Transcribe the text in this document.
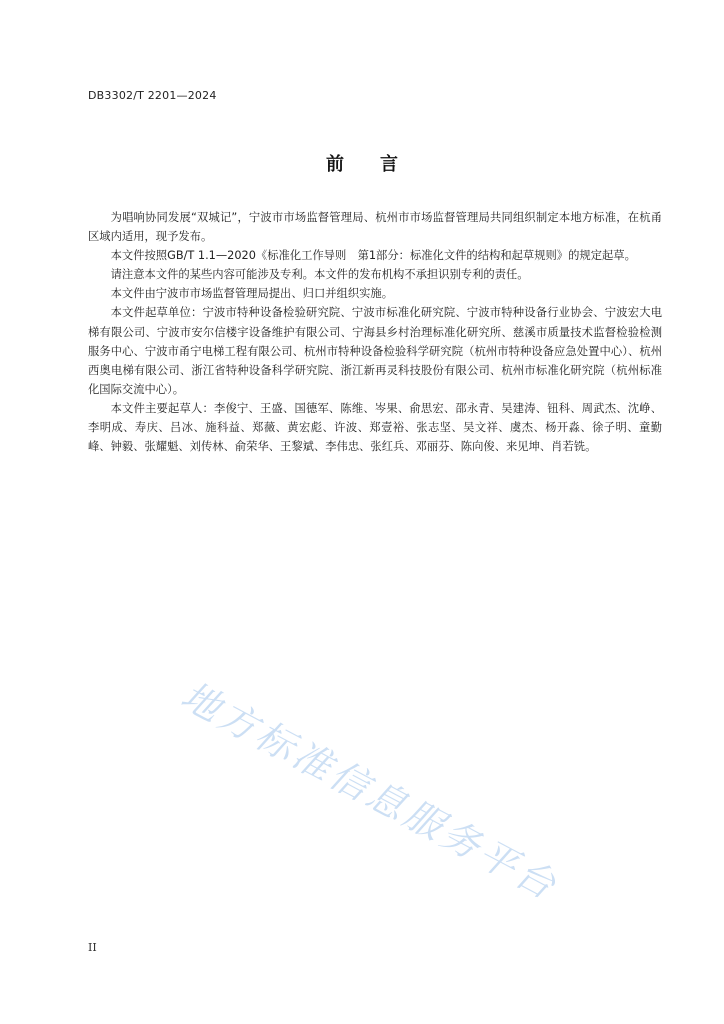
DB3302/T 2201—2024
前 言

为唱响协同发展“双城记”，宁波市市场监督管理局、杭州市市场监督管理局共同组织制定本地方标准，在杭甬区域内适用，现予发布。

本文件按照GB/T 1.1—2020《标准化工作导则　第1部分：标准化文件的结构和起草规则》的规定起草。

请注意本文件的某些内容可能涉及专利。本文件的发布机构不承担识别专利的责任。

本文件由宁波市市场监督管理局提出、归口并组织实施。

本文件起草单位：宁波市特种设备检验研究院、宁波市标准化研究院、宁波市特种设备行业协会、宁波宏大电梯有限公司、宁波市安尔信楼宇设备维护有限公司、宁海县乡村治理标准化研究所、慈溪市质量技术监督检验检测服务中心、宁波市甬宁电梯工程有限公司、杭州市特种设备检验科学研究院（杭州市特种设备应急处置中心）、杭州西奥电梯有限公司、浙江省特种设备科学研究院、浙江新再灵科技股份有限公司、杭州市标准化研究院（杭州标准化国际交流中心）。

本文件主要起草人：李俊宁、王盛、国德军、陈维、岑果、俞思宏、邵永青、吴建涛、钮科、周武杰、沈峥、李明成、寿庆、吕冰、施科益、郑薇、黄宏彪、许波、郑壹裕、张志坚、吴文祥、虞杰、杨开淼、徐子明、童勤峰、钟毅、张耀魁、刘传林、俞荣华、王黎斌、李伟忠、张红兵、邓丽芬、陈向俊、来见坤、肖若铣。

地方标准信息服务平台
II
